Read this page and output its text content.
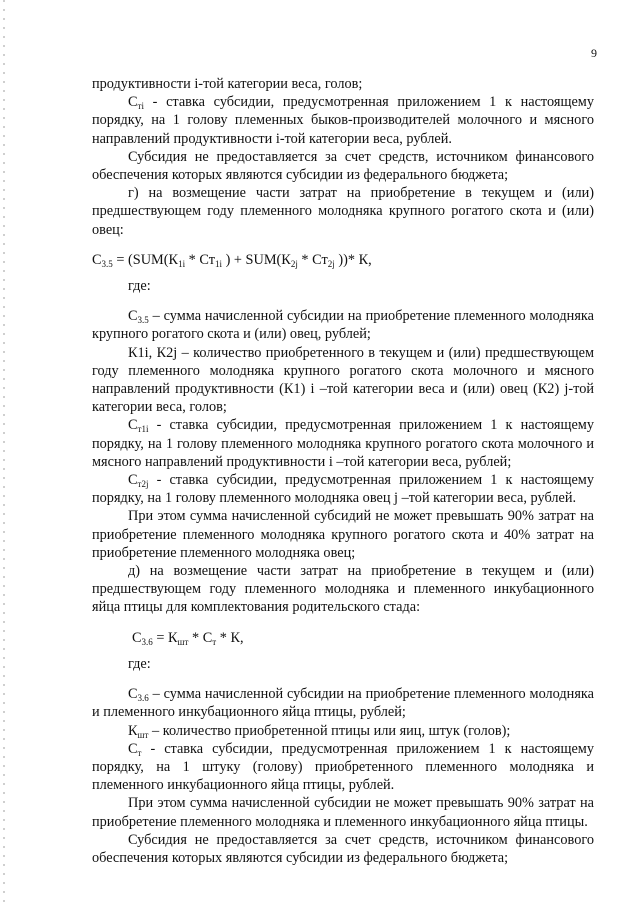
9

продуктивности i-той категории веса, голов;

$С_{тi}$ - ставка субсидии, предусмотренная приложением 1 к настоящему порядку, на 1 голову племенных быков-производителей молочного и мясного направлений продуктивности i-той категории веса, рублей.

Субсидия не предоставляется за счет средств, источником финансового обеспечения которых являются субсидии из федерального бюджета;

г) на возмещение части затрат на приобретение в текущем и (или) предшествующем году племенного молодняка крупного рогатого скота и (или) овец:

$С_{3.5} = (SUM(К_{1i} * Ст_{1i}$ ) + $SUM(К_{2j} * Ст_{2j}$ ))* К,

где:

$С_{3.5}$ – сумма начисленной субсидии на приобретение племенного молодняка крупного рогатого скота и (или) овец, рублей;

К1i, К2j – количество приобретенного в текущем и (или) предшествующем году племенного молодняка крупного рогатого скота молочного и мясного направлений продуктивности (К1) i –той категории веса и (или) овец (К2) j-той категории веса, голов;

$С_{т1i}$ - ставка субсидии, предусмотренная приложением 1 к настоящему порядку, на 1 голову племенного молодняка крупного рогатого скота молочного и мясного направлений продуктивности i –той категории веса, рублей;

$С_{т2j}$ - ставка субсидии, предусмотренная приложением 1 к настоящему порядку, на 1 голову племенного молодняка овец j –той категории веса, рублей.

При этом сумма начисленной субсидий не может превышать 90% затрат на приобретение племенного молодняка крупного рогатого скота и 40% затрат на приобретение племенного молодняка овец;

д) на возмещение части затрат на приобретение в текущем и (или) предшествующем году племенного молодняка и племенного инкубационного яйца птицы для комплектования родительского стада:

$С_{3.6} = К_{шт} * С_т * К$,

где:

$С_{3.6}$ – сумма начисленной субсидии на приобретение племенного молодняка и племенного инкубационного яйца птицы, рублей;

$К_{шт}$ – количество приобретенной птицы или яиц, штук (голов);

$С_т$ - ставка субсидии, предусмотренная приложением 1 к настоящему порядку, на 1 штуку (голову) приобретенного племенного молодняка и племенного инкубационного яйца птицы, рублей.

При этом сумма начисленной субсидии не может превышать 90% затрат на приобретение племенного молодняка и племенного инкубационного яйца птицы.

Субсидия не предоставляется за счет средств, источником финансового обеспечения которых являются субсидии из федерального бюджета;
